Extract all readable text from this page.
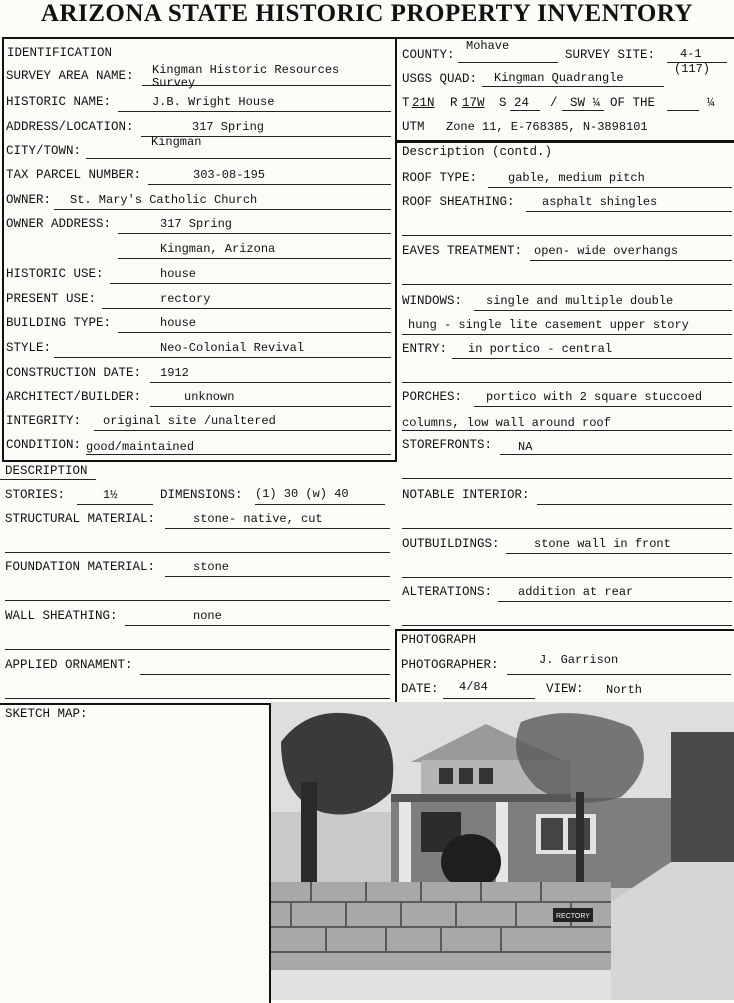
ARIZONA STATE HISTORIC PROPERTY INVENTORY
IDENTIFICATION
SURVEY AREA NAME: Kingman Historic Resources
Survey
HISTORIC NAME:	J.B. Wright House
ADDRESS/LOCATION:	317 Spring
CITY/TOWN:
Kingman
TAX PARCEL NUMBER:	303-08-195
OWNER: St. Mary's Catholic Church
OWNER ADDRESS:	317 Spring
Kingman, Arizona
HISTORIC USE:	house
PRESENT USE:	rectory
BUILDING TYPE:	house
STYLE:	Neo-Colonial Revival
CONSTRUCTION DATE: 1912
ARCHITECT/BUILDER:	unknown
INTEGRITY: original site /unaltered
CONDITION: good/maintained
COUNTY:
Mohave
SURVEY SITE: 4-1
(117)
USGS QUAD: Kingman Quadrangle
T 21N R 17W S 24 / SW ¼ OF THE	¼
UTM Zone 11, E-768385, N-3898101
Description (contd.)
ROOF TYPE:	gable, medium pitch
ROOF SHEATHING: asphalt shingles
EAVES TREATMENT: open- wide overhangs
WINDOWS: single and multiple double
hung - single lite casement upper story
ENTRY: in portico - central
PORCHES: portico with 2 square stuccoed
columns, low wall around roof
STOREFRONTS: NA
NOTABLE INTERIOR:
OUTBUILDINGS:	stone wall in front
ALTERATIONS: addition at rear
DESCRIPTION
STORIES:	1½	DIMENSIONS: (1) 30 (w) 40
STRUCTURAL MATERIAL:	stone- native, cut
FOUNDATION MATERIAL:	stone
WALL SHEATHING:	none
APPLIED ORNAMENT:
PHOTOGRAPH
PHOTOGRAPHER:	J. Garrison
DATE: 4/84	VIEW: North
SKETCH MAP:
RECTORY
